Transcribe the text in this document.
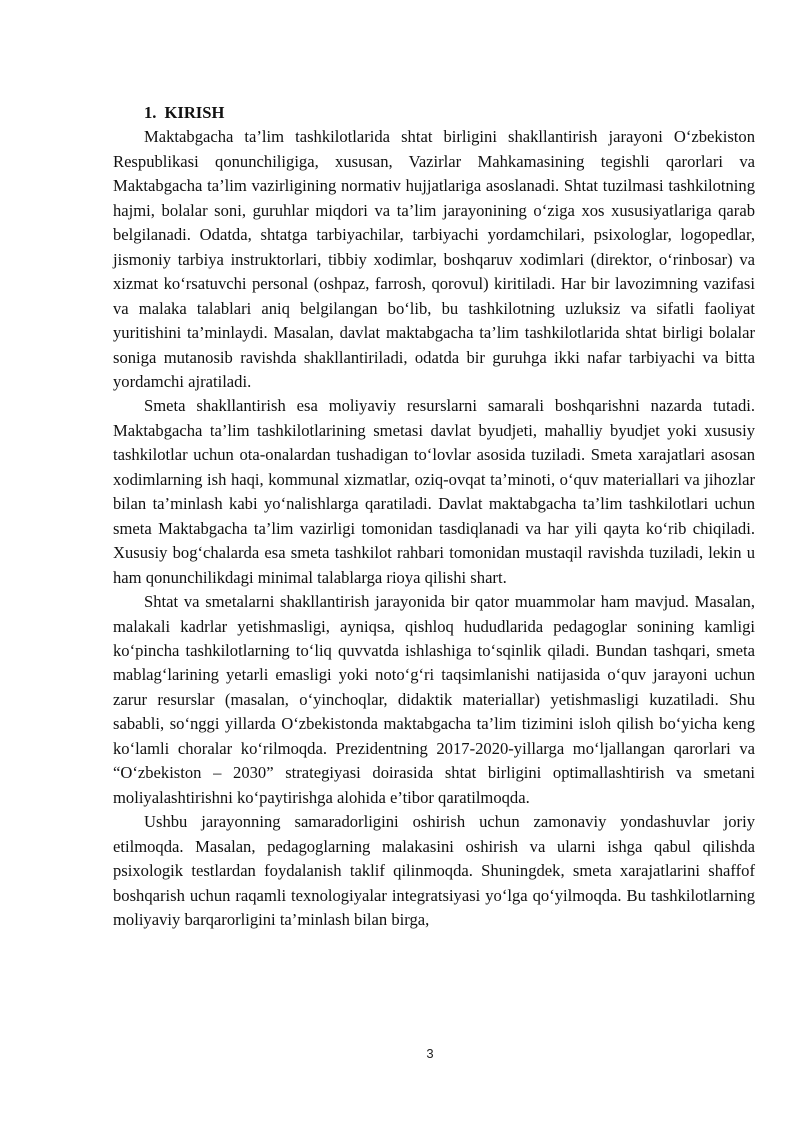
1. KIRISH

Maktabgacha ta’lim tashkilotlarida shtat birligini shakllantirish jarayoni O‘zbekiston Respublikasi qonunchiligiga, xususan, Vazirlar Mahkamasining tegishli qarorlari va Maktabgacha ta’lim vazirligining normativ hujjatlariga asoslanadi. Shtat tuzilmasi tashkilotning hajmi, bolalar soni, guruhlar miqdori va ta’lim jarayonining o‘ziga xos xususiyatlariga qarab belgilanadi. Odatda, shtatga tarbiyachilar, tarbiyachi yordamchilari, psixologlar, logopedlar, jismoniy tarbiya instruktorlari, tibbiy xodimlar, boshqaruv xodimlari (direktor, o‘rinbosar) va xizmat ko‘rsatuvchi personal (oshpaz, farrosh, qorovul) kiritiladi. Har bir lavozimning vazifasi va malaka talablari aniq belgilangan bo‘lib, bu tashkilotning uzluksiz va sifatli faoliyat yuritishini ta’minlaydi. Masalan, davlat maktabgacha ta’lim tashkilotlarida shtat birligi bolalar soniga mutanosib ravishda shakllantiriladi, odatda bir guruhga ikki nafar tarbiyachi va bitta yordamchi ajratiladi.

Smeta shakllantirish esa moliyaviy resurslarni samarali boshqarishni nazarda tutadi. Maktabgacha ta’lim tashkilotlarining smetasi davlat byudjeti, mahalliy byudjet yoki xususiy tashkilotlar uchun ota-onalardan tushadigan to‘lovlar asosida tuziladi. Smeta xarajatlari asosan xodimlarning ish haqi, kommunal xizmatlar, oziq-ovqat ta’minoti, o‘quv materiallari va jihozlar bilan ta’minlash kabi yo‘nalishlarga qaratiladi. Davlat maktabgacha ta’lim tashkilotlari uchun smeta Maktabgacha ta’lim vazirligi tomonidan tasdiqlanadi va har yili qayta ko‘rib chiqiladi. Xususiy bog‘chalarda esa smeta tashkilot rahbari tomonidan mustaqil ravishda tuziladi, lekin u ham qonunchilikdagi minimal talablarga rioya qilishi shart.

Shtat va smetalarni shakllantirish jarayonida bir qator muammolar ham mavjud. Masalan, malakali kadrlar yetishmasligi, ayniqsa, qishloq hududlarida pedagoglar sonining kamligi ko‘pincha tashkilotlarning to‘liq quvvatda ishlashiga to‘sqinlik qiladi. Bundan tashqari, smeta mablag‘larining yetarli emasligi yoki noto‘g‘ri taqsimlanishi natijasida o‘quv jarayoni uchun zarur resurslar (masalan, o‘yinchoqlar, didaktik materiallar) yetishmasligi kuzatiladi. Shu sababli, so‘nggi yillarda O‘zbekistonda maktabgacha ta’lim tizimini isloh qilish bo‘yicha keng ko‘lamli choralar ko‘rilmoqda. Prezidentning 2017-2020-yillarga mo‘ljallangan qarorlari va “O‘zbekiston – 2030” strategiyasi doirasida shtat birligini optimallashtirish va smetani moliyalashtirishni ko‘paytirishga alohida e’tibor qaratilmoqda.

Ushbu jarayonning samaradorligini oshirish uchun zamonaviy yondashuvlar joriy etilmoqda. Masalan, pedagoglarning malakasini oshirish va ularni ishga qabul qilishda psixologik testlardan foydalanish taklif qilinmoqda. Shuningdek, smeta xarajatlarini shaffof boshqarish uchun raqamli texnologiyalar integratsiyasi yo‘lga qo‘yilmoqda. Bu tashkilotlarning moliyaviy barqarorligini ta’minlash bilan birga,

3
